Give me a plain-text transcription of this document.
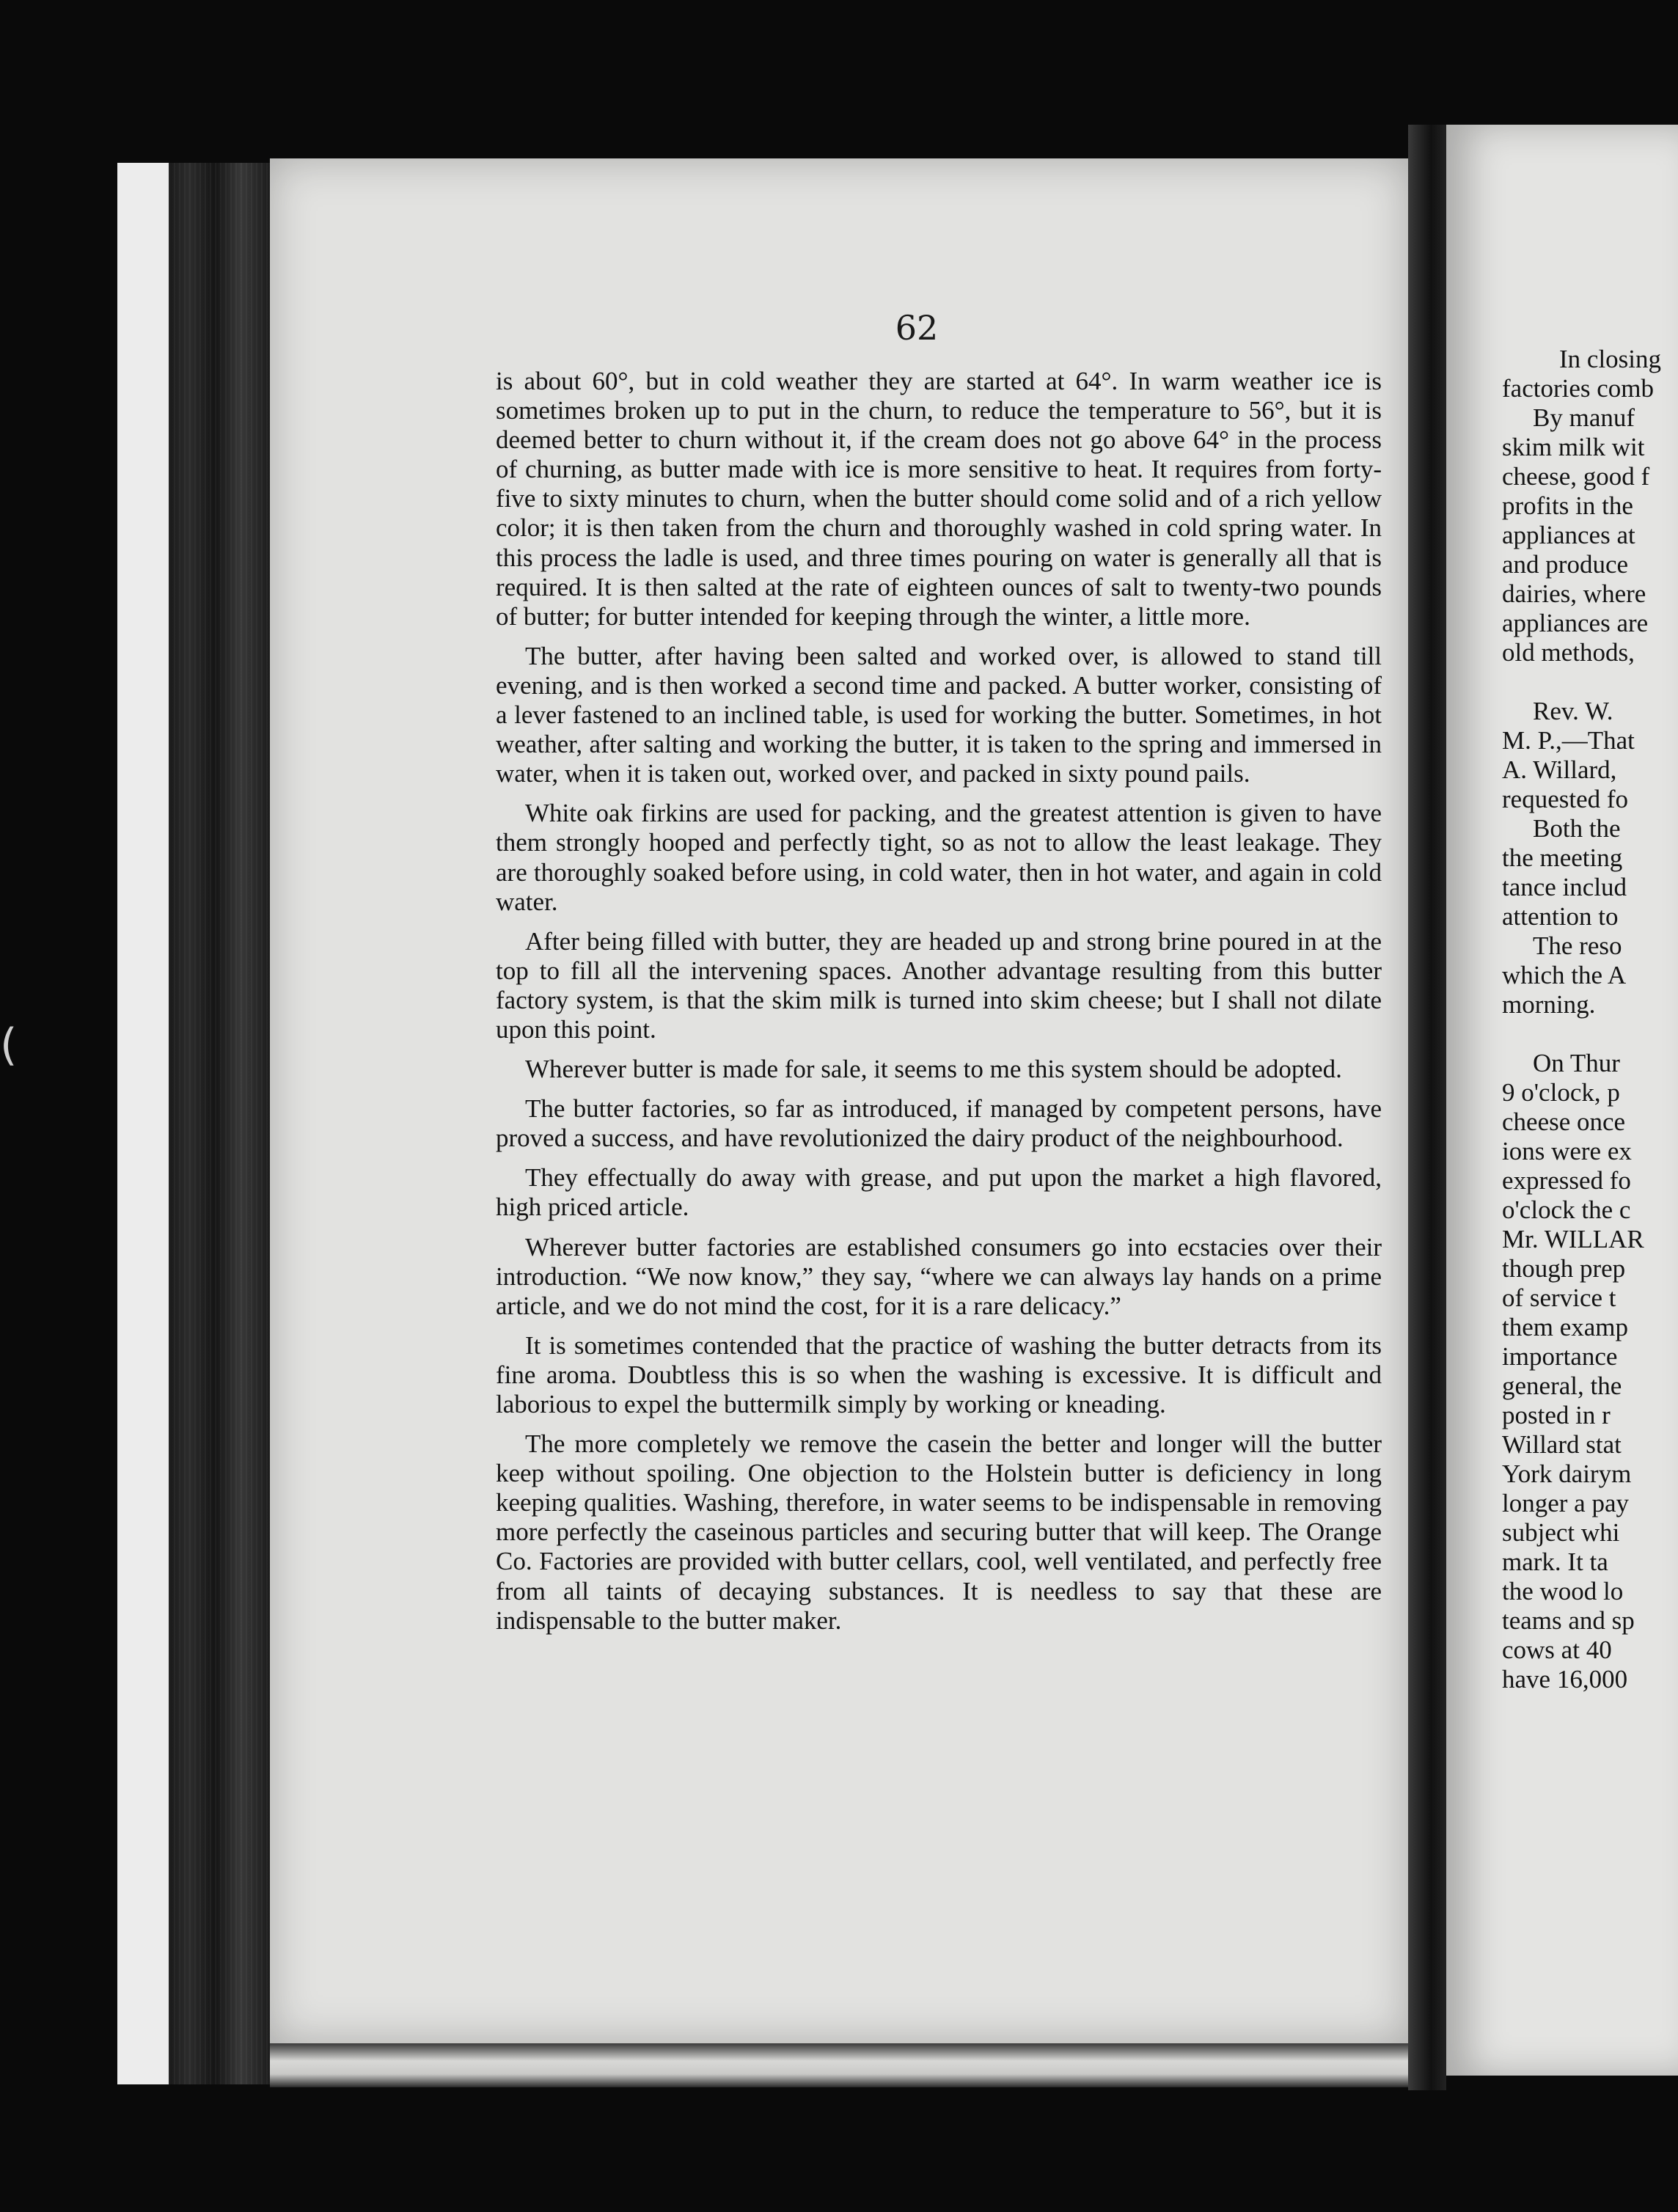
(
62

is about 60°, but in cold weather they are started at 64°. In warm weather ice is sometimes broken up to put in the churn, to reduce the temperature to 56°, but it is deemed better to churn without it, if the cream does not go above 64° in the process of churning, as butter made with ice is more sensitive to heat. It requires from forty-five to sixty minutes to churn, when the butter should come solid and of a rich yellow color; it is then taken from the churn and thoroughly washed in cold spring water. In this process the ladle is used, and three times pouring on water is generally all that is required. It is then salted at the rate of eighteen ounces of salt to twenty-two pounds of butter; for butter intended for keeping through the winter, a little more.

The butter, after having been salted and worked over, is allowed to stand till evening, and is then worked a second time and packed. A butter worker, consisting of a lever fastened to an inclined table, is used for working the butter. Sometimes, in hot weather, after salting and working the butter, it is taken to the spring and immersed in water, when it is taken out, worked over, and packed in sixty pound pails.

White oak firkins are used for packing, and the greatest attention is given to have them strongly hooped and perfectly tight, so as not to allow the least leakage. They are thoroughly soaked before using, in cold water, then in hot water, and again in cold water.

After being filled with butter, they are headed up and strong brine poured in at the top to fill all the intervening spaces. Another advantage resulting from this butter factory system, is that the skim milk is turned into skim cheese; but I shall not dilate upon this point.

Wherever butter is made for sale, it seems to me this system should be adopted.

The butter factories, so far as introduced, if managed by competent persons, have proved a success, and have revolutionized the dairy product of the neighbourhood.

They effectually do away with grease, and put upon the market a high flavored, high priced article.

Wherever butter factories are established consumers go into ecstacies over their introduction. “We now know,” they say, “where we can always lay hands on a prime article, and we do not mind the cost, for it is a rare delicacy.”

It is sometimes contended that the practice of washing the butter detracts from its fine aroma. Doubtless this is so when the washing is excessive. It is difficult and laborious to expel the buttermilk simply by working or kneading.

The more completely we remove the casein the better and longer will the butter keep without spoiling. One objection to the Holstein butter is deficiency in long keeping qualities. Washing, therefore, in water seems to be indispensable in removing more perfectly the caseinous particles and securing butter that will keep. The Orange Co. Factories are provided with butter cellars, cool, well ventilated, and perfectly free from all taints of decaying substances. It is needless to say that these are indispensable to the butter maker.

In closing
factories comb
By manuf
skim milk wit
cheese, good f
profits in the
appliances at
and produce
dairies, where
appliances are
old methods,
Rev. W.
M. P.,—That
A. Willard,
requested fo
Both the
the meeting
tance includ
attention to
The reso
which the A
morning.
On Thur
9 o'clock, p
cheese once
ions were ex
expressed fo
o'clock the c
Mr. WILLAR
though prep
of service t
them examp
importance
general, the
posted in r
Willard stat
York dairym
longer a pay
subject whi
mark. It ta
the wood lo
teams and sp
cows at 40
have 16,000
